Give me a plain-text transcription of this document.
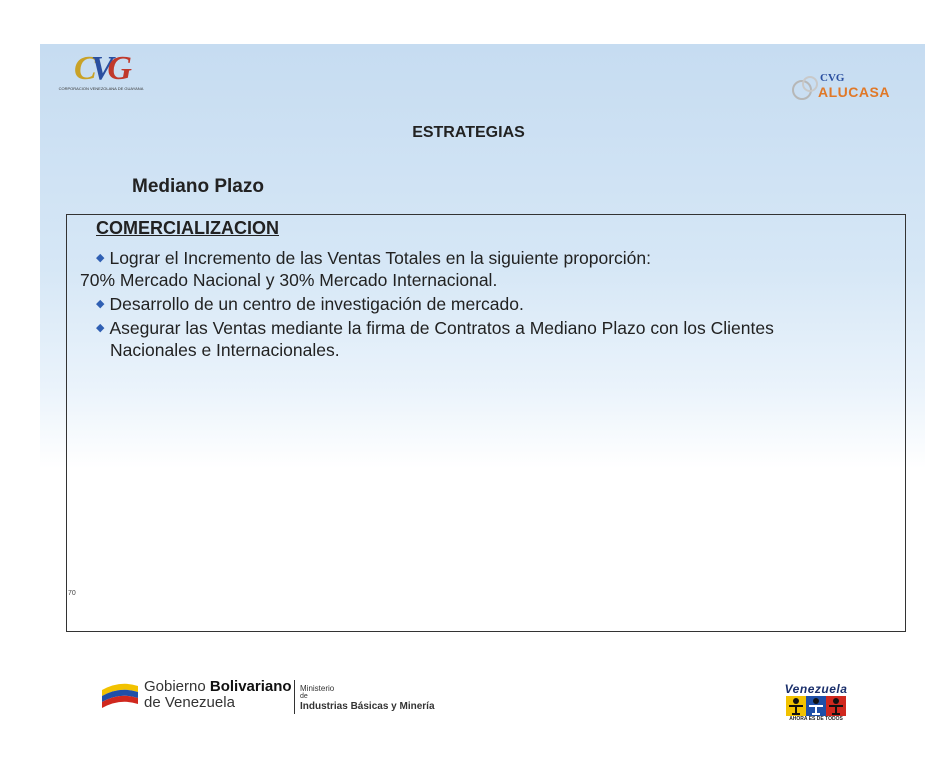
CVG
CORPORACION VENEZOLANA DE GUAYANA
CVG
ALUCASA
ESTRATEGIAS
Mediano Plazo
COMERCIALIZACION
◆ Lograr el Incremento de las Ventas Totales en la siguiente proporción:
70% Mercado Nacional y 30% Mercado Internacional.
◆ Desarrollo de un centro de investigación de mercado.
◆ Asegurar las Ventas mediante la firma de Contratos a Mediano Plazo con los Clientes
Nacionales e Internacionales.
70
Gobierno Bolivariano
de Venezuela
Ministerio
de
Industrias Básicas y Minería
Venezuela
AHORA ES DE TODOS
